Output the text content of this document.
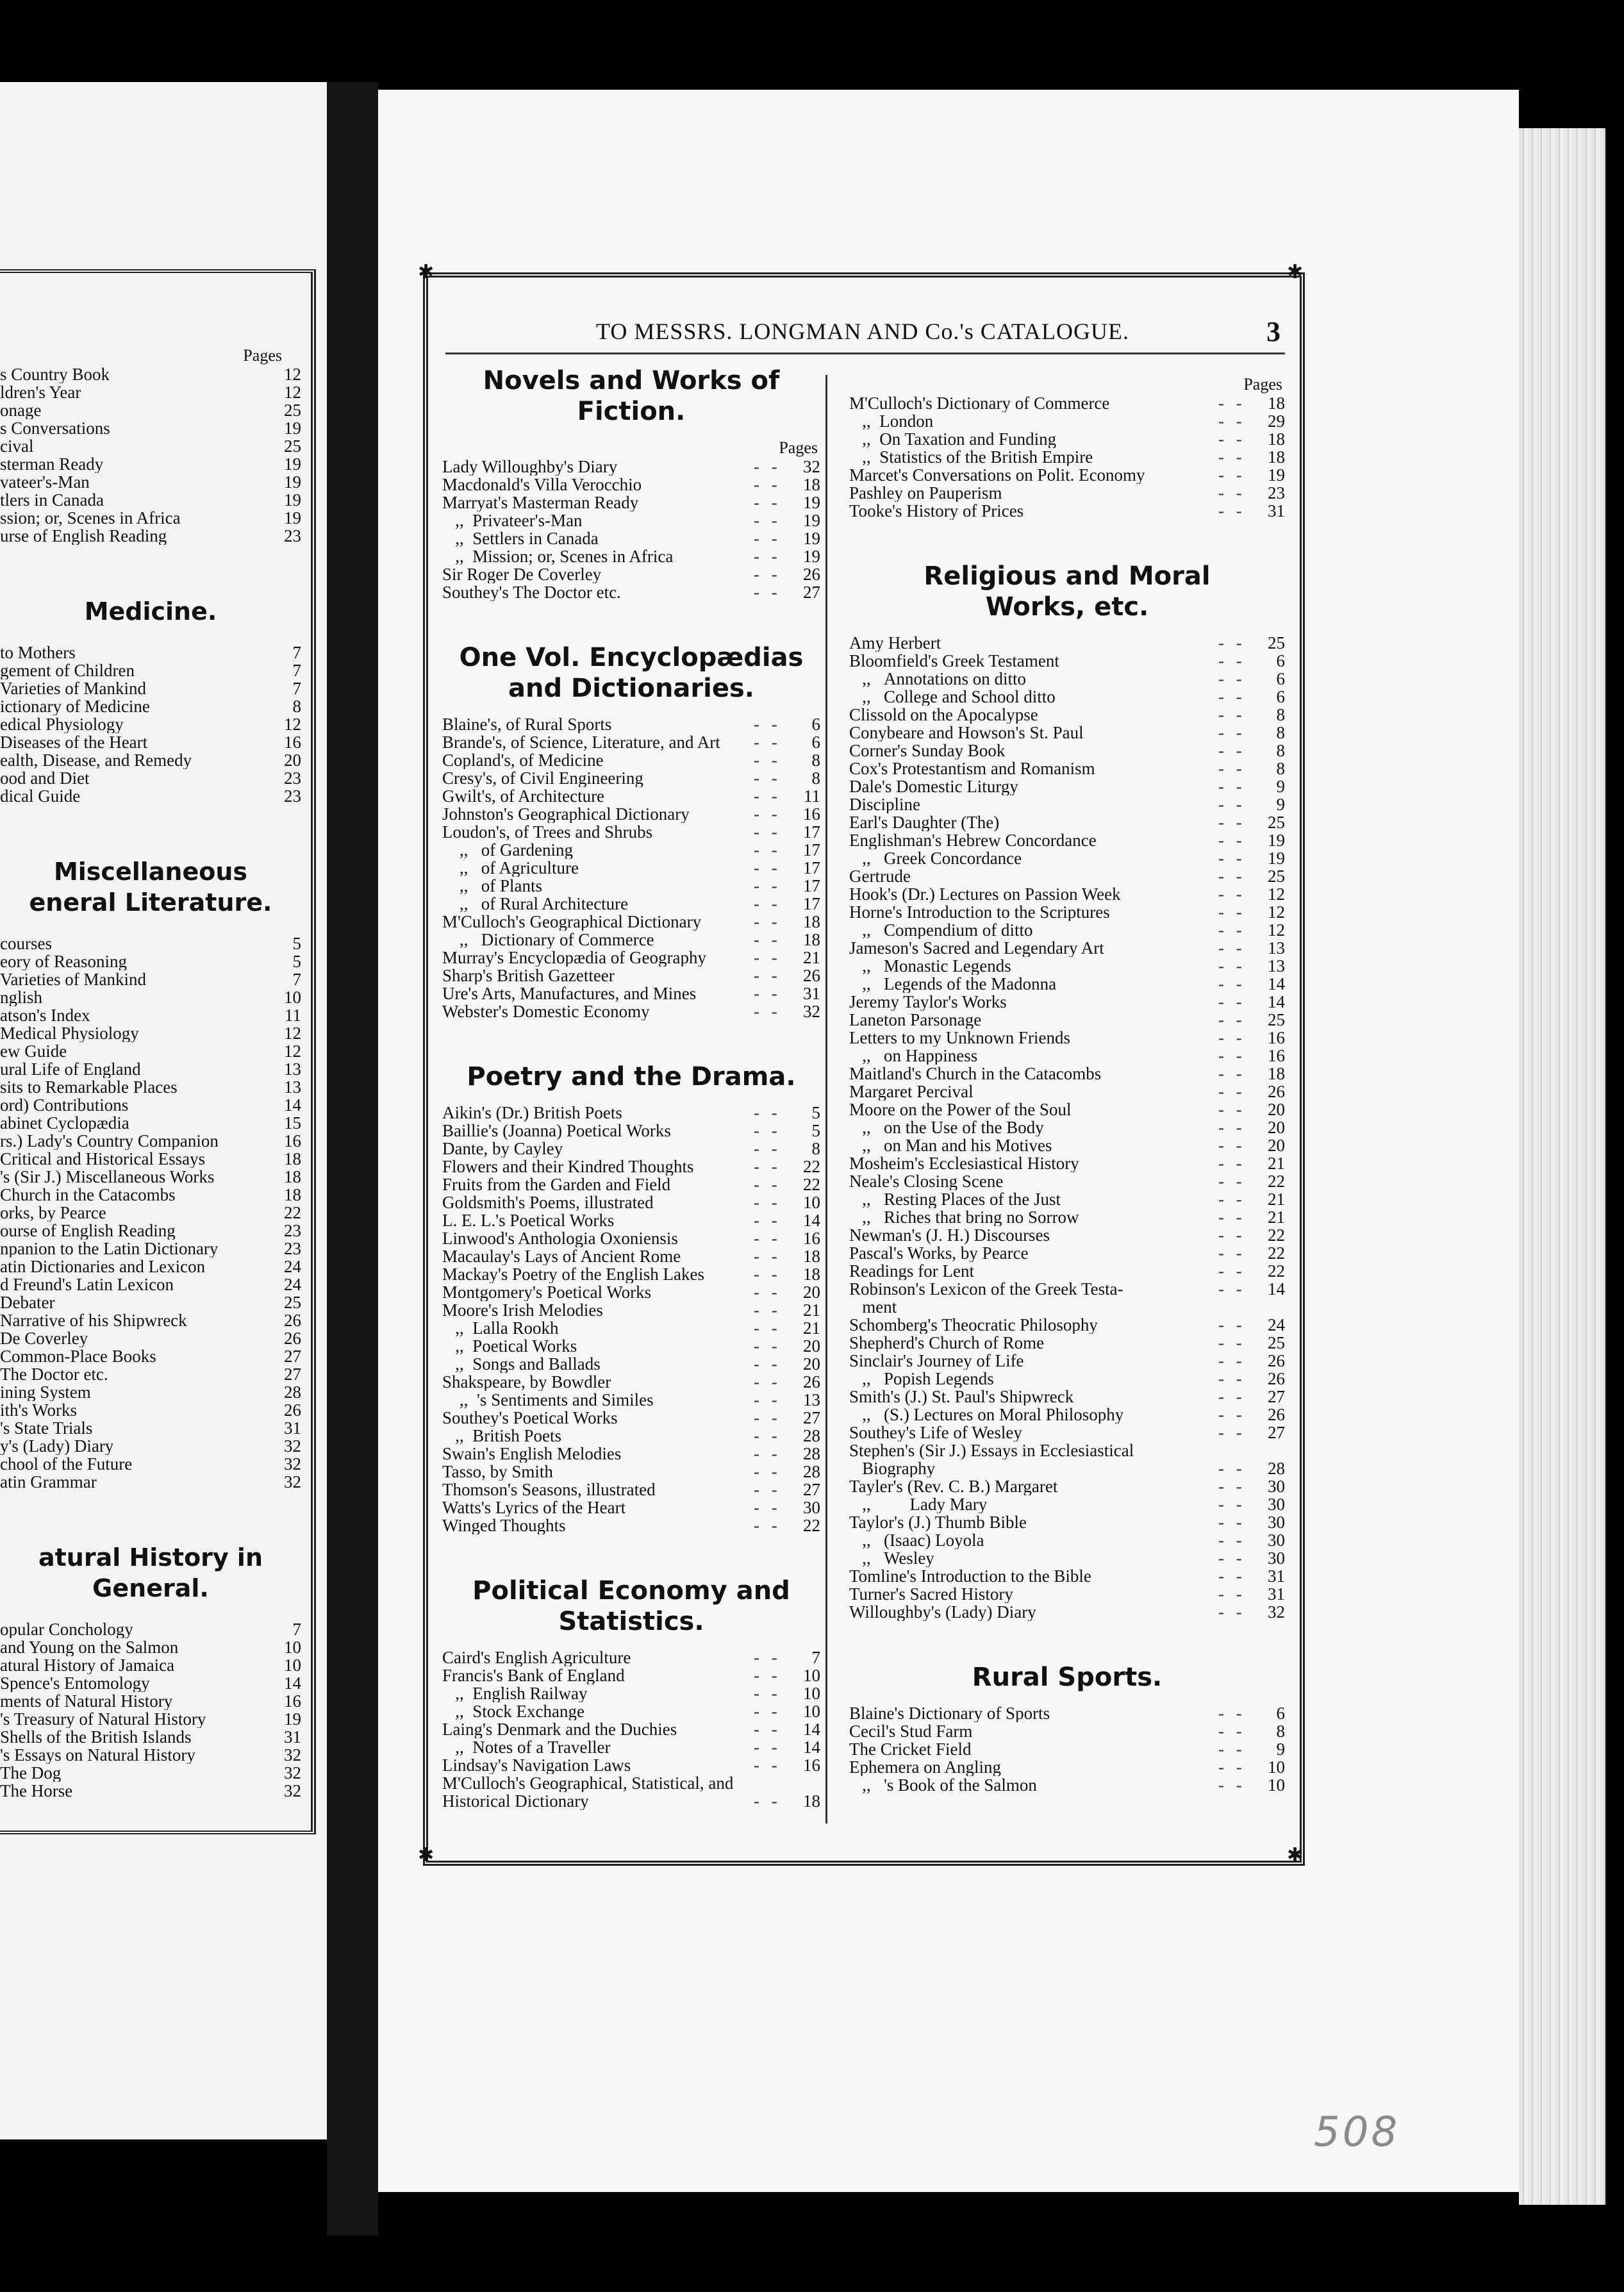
Pages
s Country Book	12
ldren's Year	12
onage	25
s Conversations	19
cival	25
sterman Ready	19
vateer's-Man	19
tlers in Canada	19
ssion; or, Scenes in Africa	19
urse of English Reading	23
Medicine.
to Mothers	7
gement of Children	7
Varieties of Mankind	7
ictionary of Medicine	8
edical Physiology	12
Diseases of the Heart	16
ealth, Disease, and Remedy	20
ood and Diet	23
dical Guide	23
Miscellaneous
eneral Literature.
courses	5
eory of Reasoning	5
Varieties of Mankind	7
nglish	10
atson's Index	11
Medical Physiology	12
ew Guide	12
ural Life of England	13
sits to Remarkable Places	13
ord) Contributions	14
abinet Cyclopædia	15
rs.) Lady's Country Companion	16
Critical and Historical Essays	18
's (Sir J.) Miscellaneous Works	18
Church in the Catacombs	18
orks, by Pearce	22
ourse of English Reading	23
npanion to the Latin Dictionary	23
atin Dictionaries and Lexicon	24
d Freund's Latin Lexicon	24
Debater	25
Narrative of his Shipwreck	26
De Coverley	26
Common-Place Books	27
The Doctor etc.	27
ining System	28
ith's Works	26
's State Trials	31
y's (Lady) Diary	32
chool of the Future	32
atin Grammar	32
atural History in
General.
opular Conchology	7
and Young on the Salmon	10
atural History of Jamaica	10
Spence's Entomology	14
ments of Natural History	16
's Treasury of Natural History	19
Shells of the British Islands	31
's Essays on Natural History	32
The Dog	32
The Horse	32
✱	✱
✱	✱
TO MESSRS. LONGMAN AND Co.'s CATALOGUE.	3
Novels and Works of
Fiction.
Pages
Lady Willoughby's Diary	- -	32
Macdonald's Villa Verocchio	- -	18
Marryat's Masterman Ready	- -	19
,,  Privateer's-Man	- -	19
,,  Settlers in Canada	- -	19
,,  Mission; or, Scenes in Africa	- -	19
Sir Roger De Coverley	- -	26
Southey's The Doctor etc.	- -	27
One Vol. Encyclopædias
and Dictionaries.
Blaine's, of Rural Sports	- -	6
Brande's, of Science, Literature, and Art	- -	6
Copland's, of Medicine	- -	8
Cresy's, of Civil Engineering	- -	8
Gwilt's, of Architecture	- -	11
Johnston's Geographical Dictionary	- -	16
Loudon's, of Trees and Shrubs	- -	17
,,   of Gardening	- -	17
,,   of Agriculture	- -	17
,,   of Plants	- -	17
,,   of Rural Architecture	- -	17
M'Culloch's Geographical Dictionary	- -	18
,,   Dictionary of Commerce	- -	18
Murray's Encyclopædia of Geography	- -	21
Sharp's British Gazetteer	- -	26
Ure's Arts, Manufactures, and Mines	- -	31
Webster's Domestic Economy	- -	32
Poetry and the Drama.
Aikin's (Dr.) British Poets	- -	5
Baillie's (Joanna) Poetical Works	- -	5
Dante, by Cayley	- -	8
Flowers and their Kindred Thoughts	- -	22
Fruits from the Garden and Field	- -	22
Goldsmith's Poems, illustrated	- -	10
L. E. L.'s Poetical Works	- -	14
Linwood's Anthologia Oxoniensis	- -	16
Macaulay's Lays of Ancient Rome	- -	18
Mackay's Poetry of the English Lakes	- -	18
Montgomery's Poetical Works	- -	20
Moore's Irish Melodies	- -	21
,,  Lalla Rookh	- -	21
,,  Poetical Works	- -	20
,,  Songs and Ballads	- -	20
Shakspeare, by Bowdler	- -	26
,,  's Sentiments and Similes	- -	13
Southey's Poetical Works	- -	27
,,  British Poets	- -	28
Swain's English Melodies	- -	28
Tasso, by Smith	- -	28
Thomson's Seasons, illustrated	- -	27
Watts's Lyrics of the Heart	- -	30
Winged Thoughts	- -	22
Political Economy and
Statistics.
Caird's English Agriculture	- -	7
Francis's Bank of England	- -	10
,,  English Railway	- -	10
,,  Stock Exchange	- -	10
Laing's Denmark and the Duchies	- -	14
,,  Notes of a Traveller	- -	14
Lindsay's Navigation Laws	- -	16
M'Culloch's Geographical, Statistical, and
Historical Dictionary	- -	18
Pages
M'Culloch's Dictionary of Commerce	- -	18
,,  London	- -	29
,,  On Taxation and Funding	- -	18
,,  Statistics of the British Empire	- -	18
Marcet's Conversations on Polit. Economy	- -	19
Pashley on Pauperism	- -	23
Tooke's History of Prices	- -	31
Religious and Moral
Works, etc.
Amy Herbert	- -	25
Bloomfield's Greek Testament	- -	6
,,   Annotations on ditto	- -	6
,,   College and School ditto	- -	6
Clissold on the Apocalypse	- -	8
Conybeare and Howson's St. Paul	- -	8
Corner's Sunday Book	- -	8
Cox's Protestantism and Romanism	- -	8
Dale's Domestic Liturgy	- -	9
Discipline	- -	9
Earl's Daughter (The)	- -	25
Englishman's Hebrew Concordance	- -	19
,,   Greek Concordance	- -	19
Gertrude	- -	25
Hook's (Dr.) Lectures on Passion Week	- -	12
Horne's Introduction to the Scriptures	- -	12
,,   Compendium of ditto	- -	12
Jameson's Sacred and Legendary Art	- -	13
,,   Monastic Legends	- -	13
,,   Legends of the Madonna	- -	14
Jeremy Taylor's Works	- -	14
Laneton Parsonage	- -	25
Letters to my Unknown Friends	- -	16
,,   on Happiness	- -	16
Maitland's Church in the Catacombs	- -	18
Margaret Percival	- -	26
Moore on the Power of the Soul	- -	20
,,   on the Use of the Body	- -	20
,,   on Man and his Motives	- -	20
Mosheim's Ecclesiastical History	- -	21
Neale's Closing Scene	- -	22
,,   Resting Places of the Just	- -	21
,,   Riches that bring no Sorrow	- -	21
Newman's (J. H.) Discourses	- -	22
Pascal's Works, by Pearce	- -	22
Readings for Lent	- -	22
Robinson's Lexicon of the Greek Testa-	- -	14
ment
Schomberg's Theocratic Philosophy	- -	24
Shepherd's Church of Rome	- -	25
Sinclair's Journey of Life	- -	26
,,   Popish Legends	- -	26
Smith's (J.) St. Paul's Shipwreck	- -	27
,,   (S.) Lectures on Moral Philosophy	- -	26
Southey's Life of Wesley	- -	27
Stephen's (Sir J.) Essays in Ecclesiastical
Biography	- -	28
Tayler's (Rev. C. B.) Margaret	- -	30
,,         Lady Mary	- -	30
Taylor's (J.) Thumb Bible	- -	30
,,   (Isaac) Loyola	- -	30
,,   Wesley	- -	30
Tomline's Introduction to the Bible	- -	31
Turner's Sacred History	- -	31
Willoughby's (Lady) Diary	- -	32
Rural Sports.
Blaine's Dictionary of Sports	- -	6
Cecil's Stud Farm	- -	8
The Cricket Field	- -	9
Ephemera on Angling	- -	10
,,   's Book of the Salmon	- -	10
508
